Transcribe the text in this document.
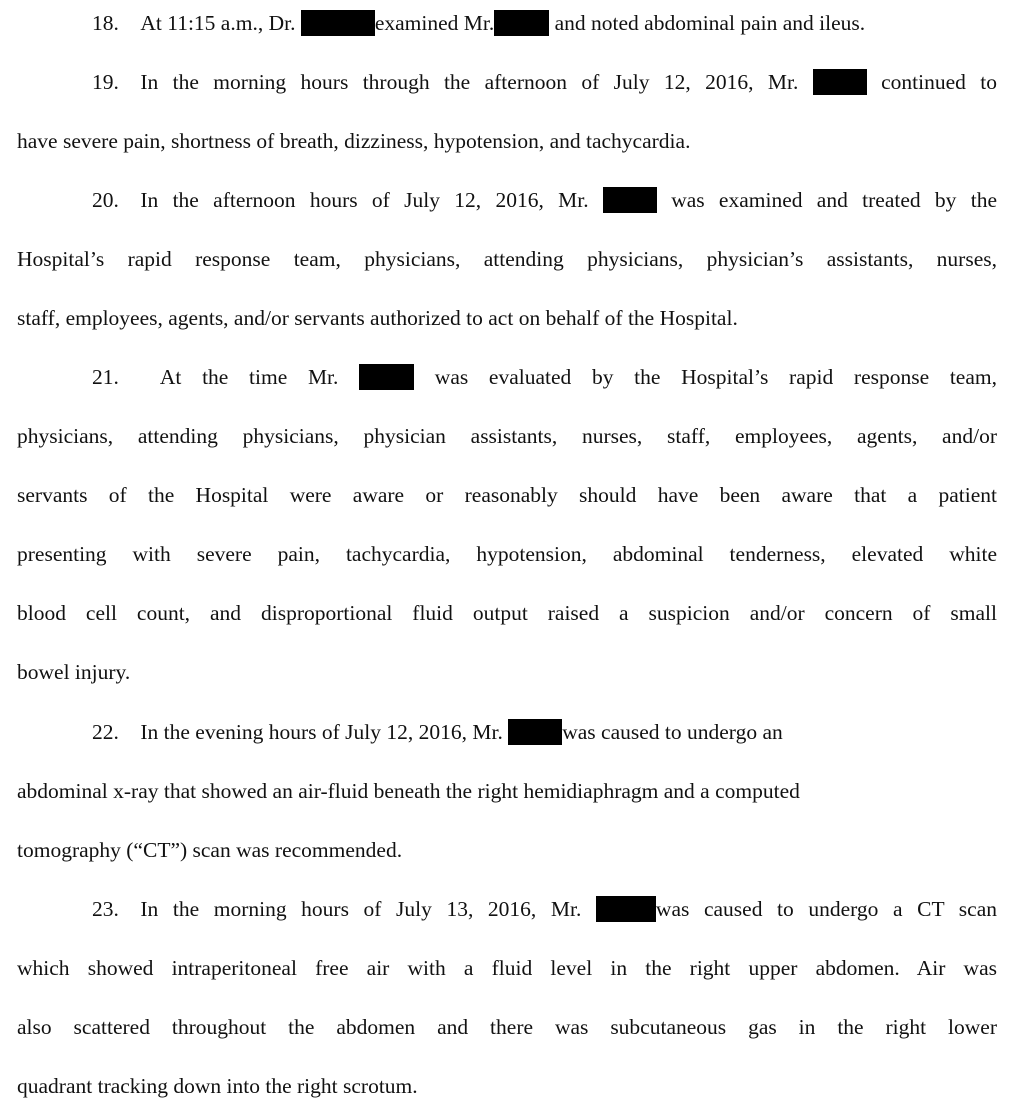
18. At 11:15 a.m., Dr.	examined Mr.	and noted abdominal pain and ileus.
19. In the morning hours through the afternoon of July 12, 2016, Mr.	continued to
have severe pain, shortness of breath, dizziness, hypotension, and tachycardia.
20. In the afternoon hours of July 12, 2016, Mr.	was examined and treated by the
Hospital’s rapid response team, physicians, attending physicians, physician’s assistants, nurses,
staff, employees, agents, and/or servants authorized to act on behalf of the Hospital.
21.  At the time Mr.	was evaluated by the Hospital’s rapid response team,
physicians, attending physicians, physician assistants, nurses, staff, employees, agents, and/or
servants of the Hospital were aware or reasonably should have been aware that a patient
presenting with severe pain, tachycardia, hypotension, abdominal tenderness, elevated white
blood cell count, and disproportional fluid output raised a suspicion and/or concern of small
bowel injury.
22. In the evening hours of July 12, 2016, Mr.	was caused to undergo an
abdominal x-ray that showed an air-fluid beneath the right hemidiaphragm and a computed
tomography (“CT”) scan was recommended.
23. In the morning hours of July 13, 2016, Mr.	was caused to undergo a CT scan
which showed intraperitoneal free air with a fluid level in the right upper abdomen. Air was
also scattered throughout the abdomen and there was subcutaneous gas in the right lower
quadrant tracking down into the right scrotum.
